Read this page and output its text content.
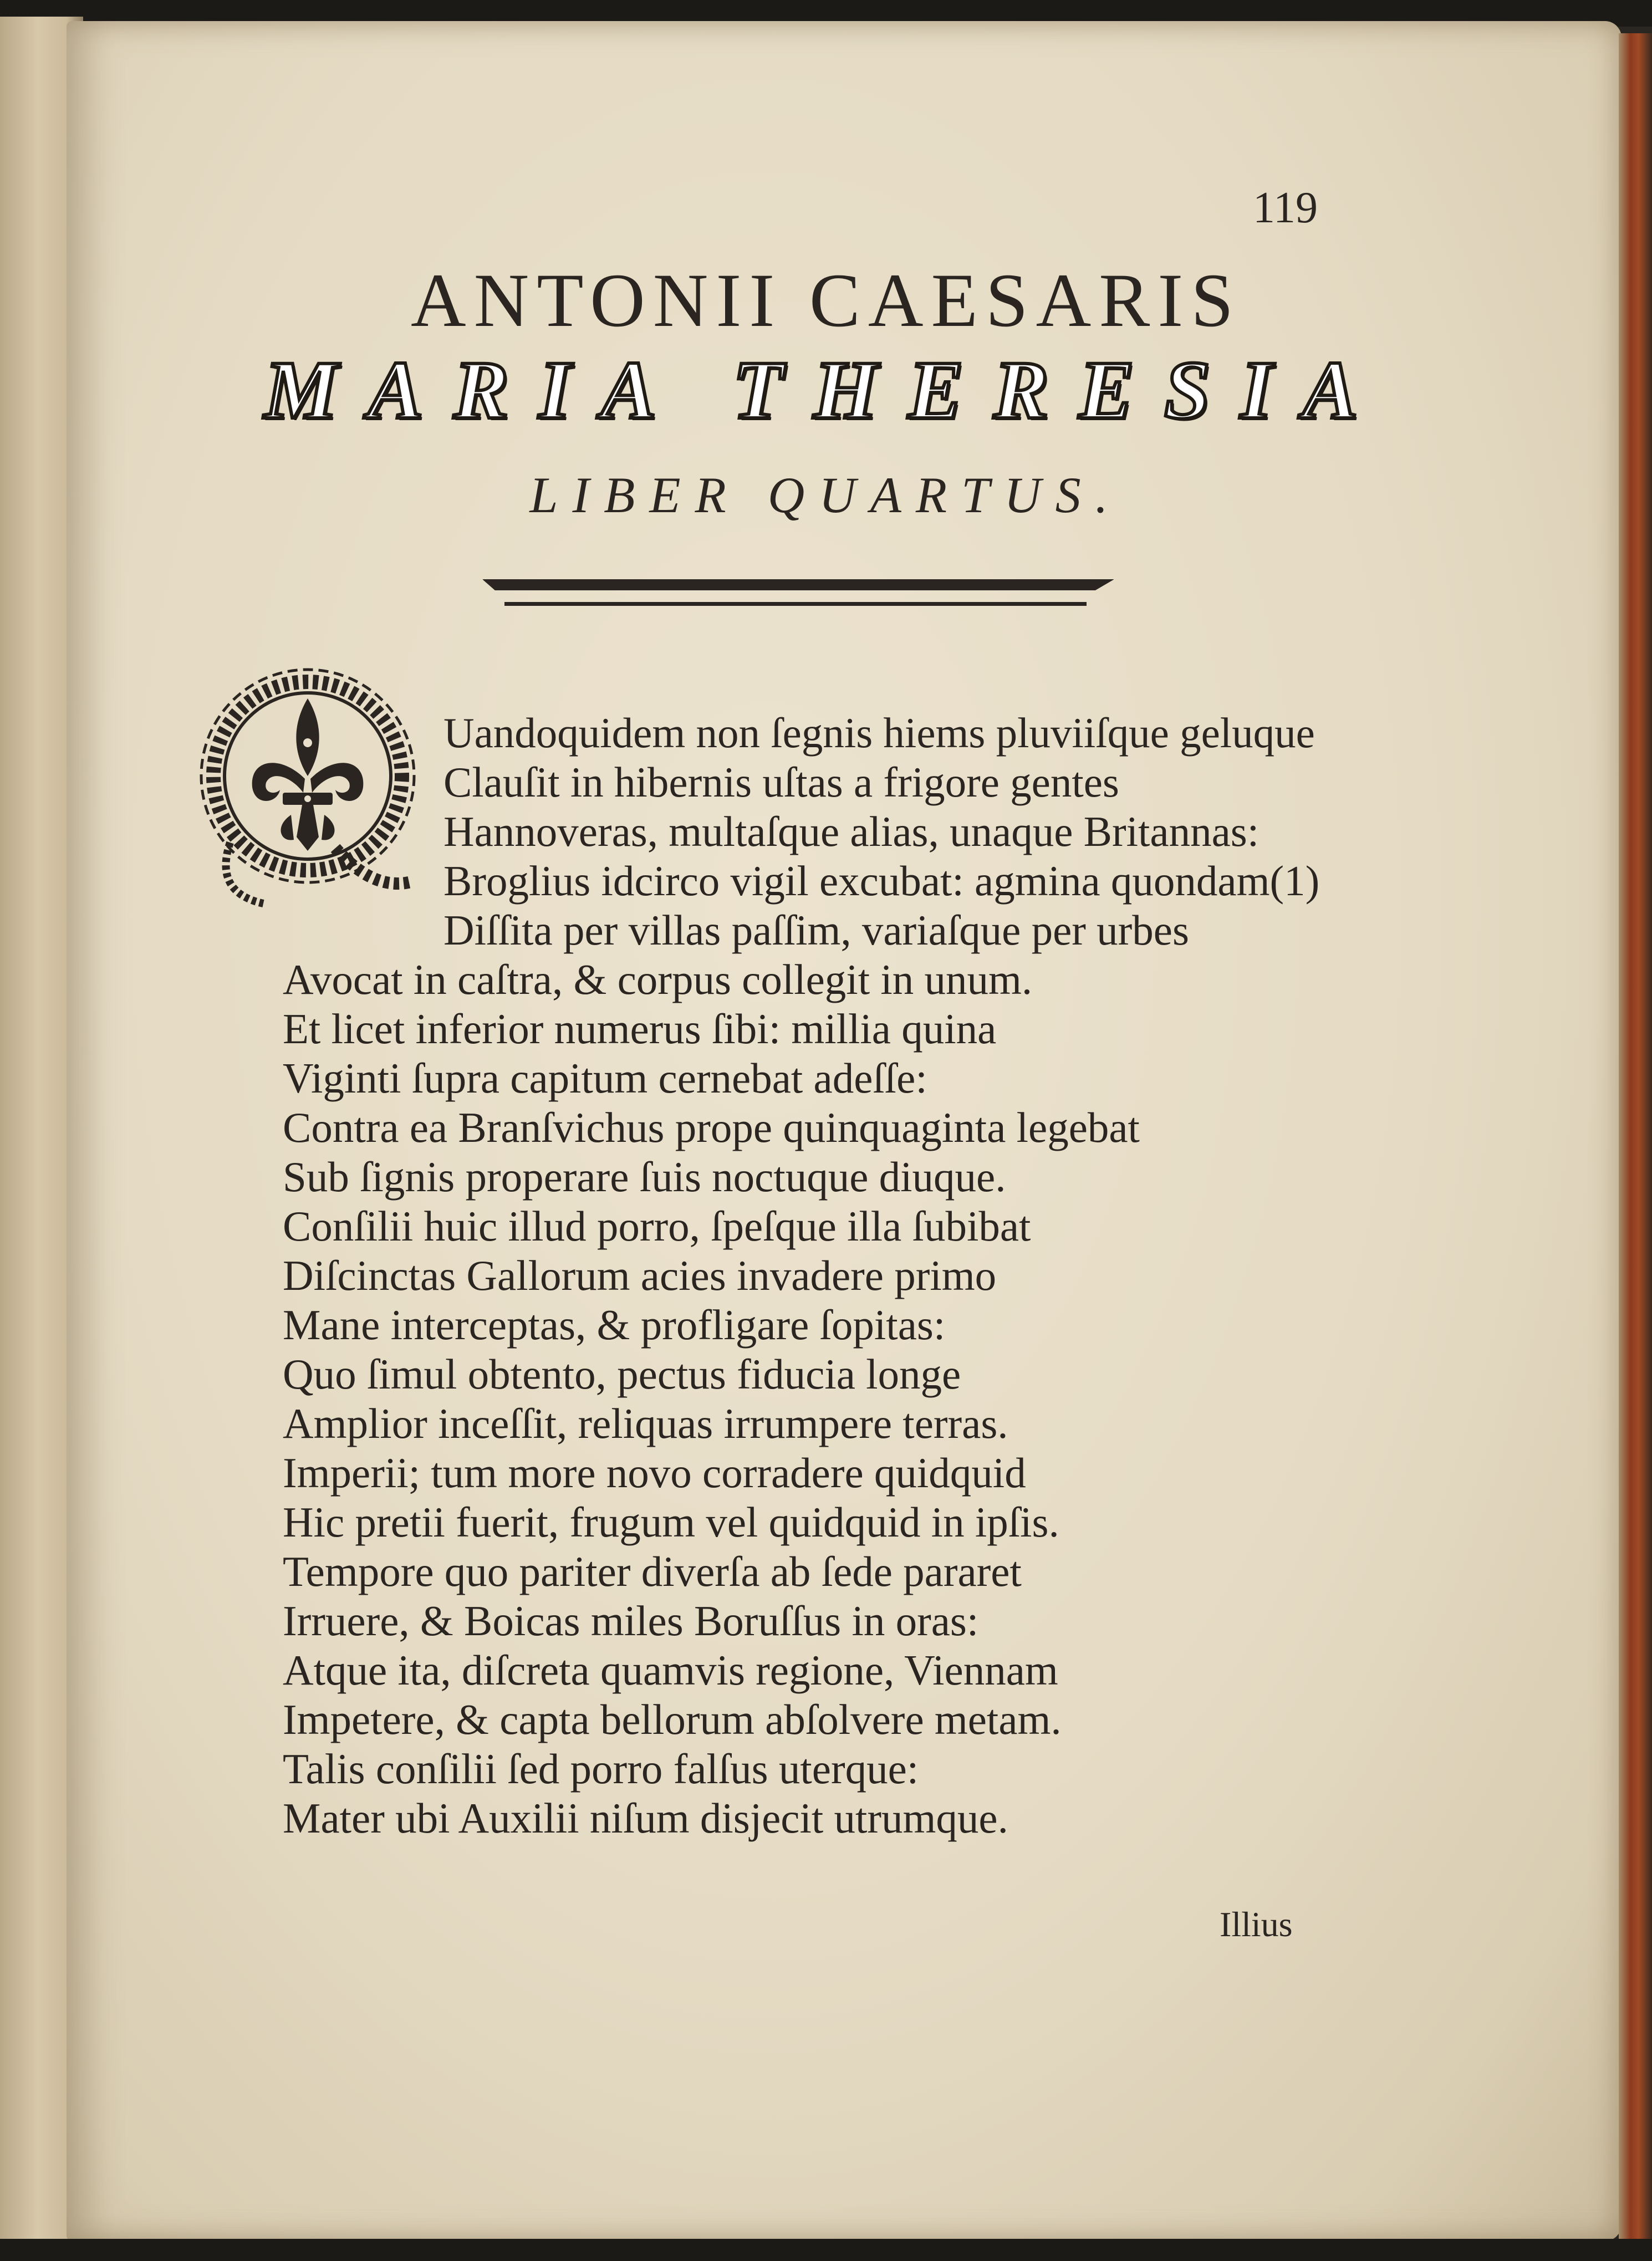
119
ANTONII CAESARIS
MARIA THERESIA
LIBER QUARTUS.
Uandoquidem non ſegnis hiems pluviiſque geluque
Clauſit in hibernis uſtas a frigore gentes
Hannoveras, multaſque alias, unaque Britannas:
Broglius idcirco vigil excubat: agmina quondam(1)
Diſſita per villas paſſim, variaſque per urbes
Avocat in caſtra, & corpus collegit in unum.
Et licet inferior numerus ſibi: millia quina
Viginti ſupra capitum cernebat adeſſe:
Contra ea Branſvichus prope quinquaginta legebat
Sub ſignis properare ſuis noctuque diuque.
Conſilii huic illud porro, ſpeſque illa ſubibat
Diſcinctas Gallorum acies invadere primo
Mane interceptas, & profligare ſopitas:
Quo ſimul obtento, pectus fiducia longe
Amplior inceſſit, reliquas irrumpere terras.
Imperii; tum more novo corradere quidquid
Hic pretii fuerit, frugum vel quidquid in ipſis.
Tempore quo pariter diverſa ab ſede pararet
Irruere, & Boicas miles Boruſſus in oras:
Atque ita, diſcreta quamvis regione, Viennam
Impetere, & capta bellorum abſolvere metam.
Talis conſilii ſed porro falſus uterque:
Mater ubi Auxilii niſum disjecit utrumque.
Illius
